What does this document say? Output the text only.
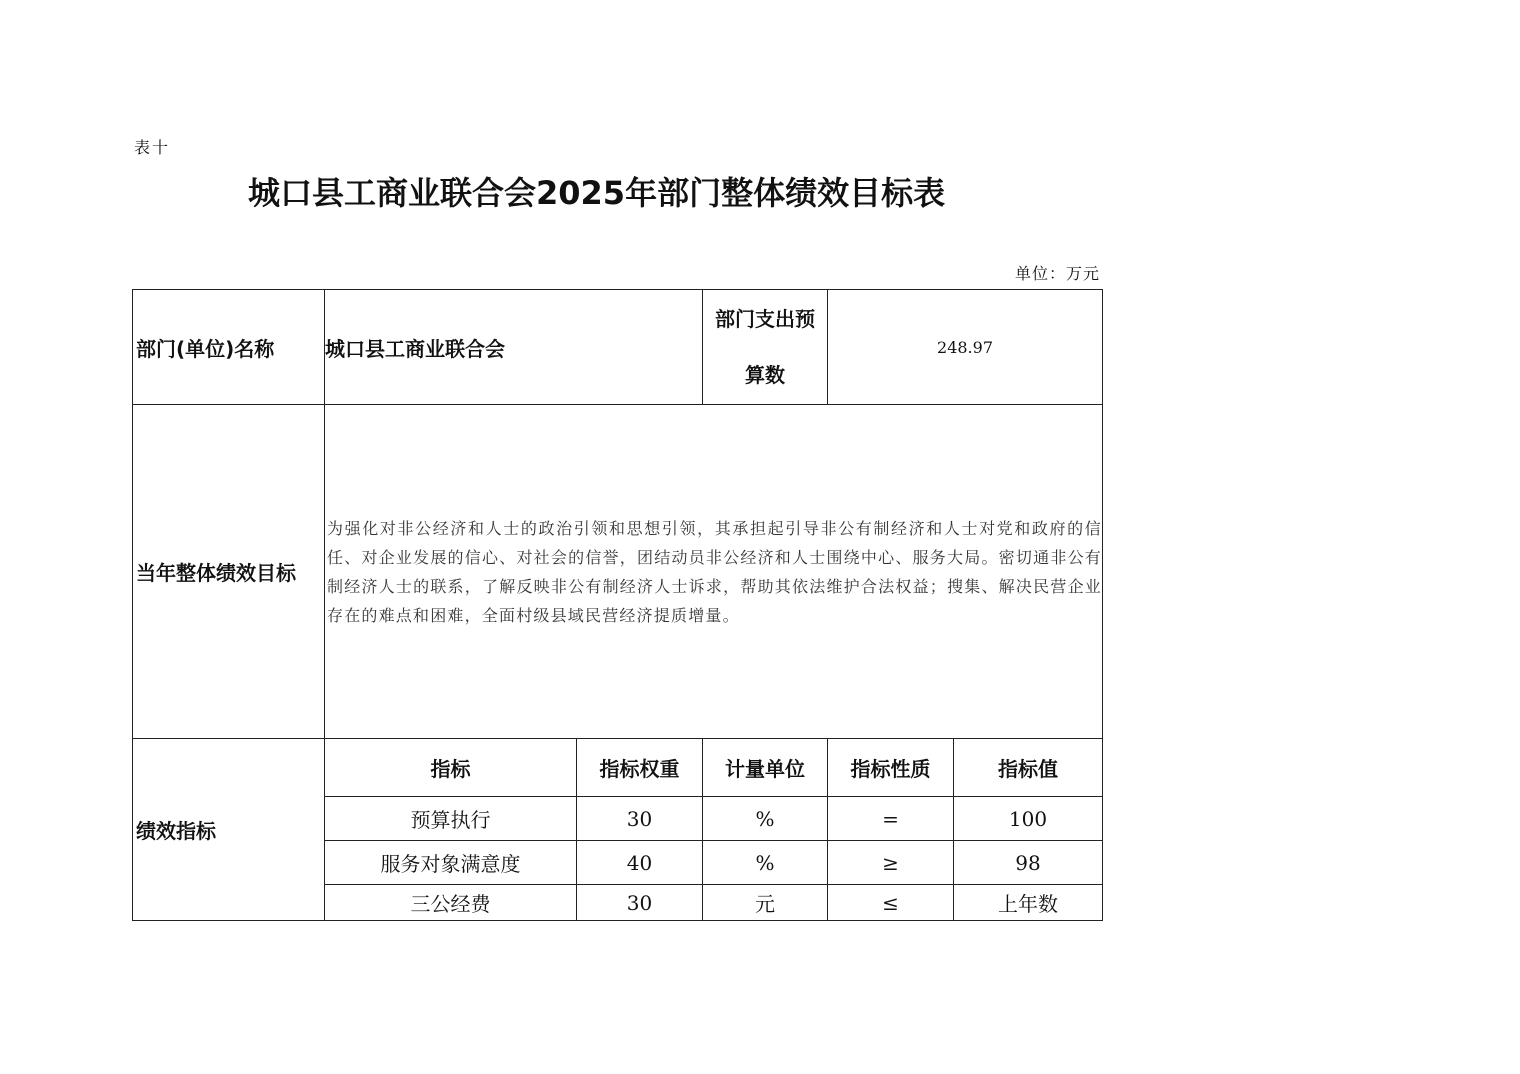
表十
城口县工商业联合会2025年部门整体绩效目标表
单位：万元
部门(单位)名称	城口县工商业联合会		部门支出预算数	248.97	
当年整体绩效目标	为强化对非公经济和人士的政治引领和思想引领，其承担起引导非公有制经济和人士对党和政府的信任、对企业发展的信心、对社会的信誉，团结动员非公经济和人士围绕中心、服务大局。密切通非公有制经济人士的联系，了解反映非公有制经济人士诉求，帮助其依法维护合法权益；搜集、解决民营企业存在的难点和困难，全面村级县域民营经济提质增量。				
绩效指标	指标	指标权重	计量单位	指标性质	指标值
	预算执行	30	%	=	100
	服务对象满意度	40	%	≥	98
	三公经费	30	元	≤	上年数
